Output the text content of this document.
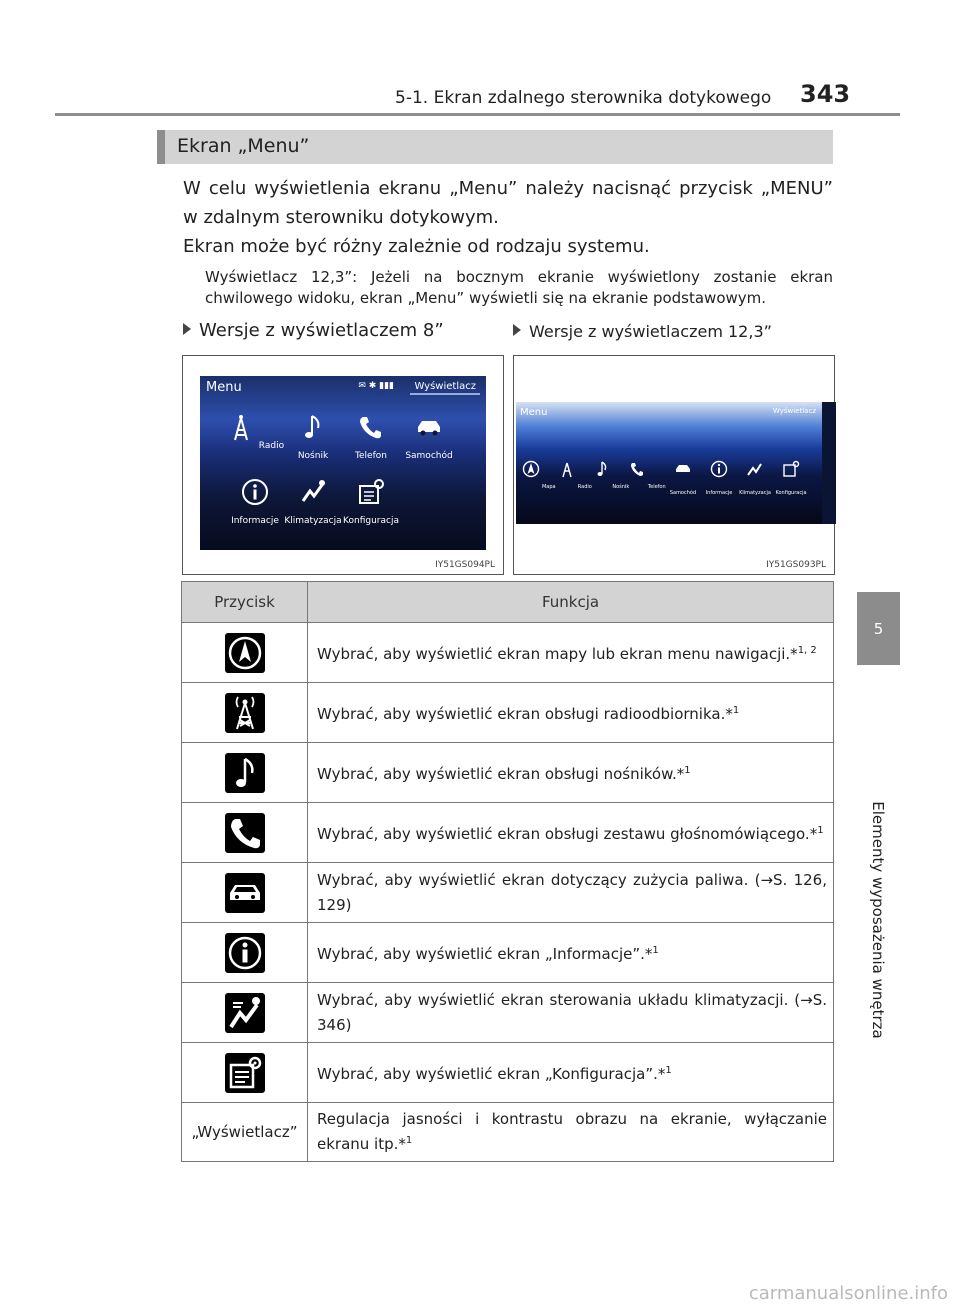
5-1. Ekran zdalnego sterownika dotykowego 343
5
Elementy wyposażenia wnętrza
Ekran „Menu”
W celu wyświetlenia ekranu „Menu” należy nacisnąć przycisk „MENU” w zdalnym sterowniku dotykowym.
Ekran może być różny zależnie od rodzaju systemu.
Wyświetlacz 12,3”: Jeżeli na bocznym ekranie wyświetlony zostanie ekran chwilowego widoku, ekran „Menu” wyświetli się na ekranie podstawowym.
Wersje z wyświetlaczem 8”	Wersje z wyświetlaczem 12,3”
Menu	✉ ✱ ▮▮▮	Wyświetlacz
Radio
Nośnik	Telefon	Samochód
Informacje Klimatyzacja Konfiguracja
IY51GS094PL
Menu	Wyświetlacz
Mapa	Radio	Nośnik	Telefon
Samochód	Informacje	Klimatyzacja Konfiguracja
IY51GS093PL
Przycisk	Funkcja

	Wybrać, aby wyświetlić ekran mapy lub ekran menu nawigacji.*$^{1, 2}$

	Wybrać, aby wyświetlić ekran obsługi radioodbiornika.*$^1$

	Wybrać, aby wyświetlić ekran obsługi nośników.*$^1$

	Wybrać, aby wyświetlić ekran obsługi zestawu głośnomówiącego.*$^1$

	Wybrać, aby wyświetlić ekran dotyczący zużycia paliwa. (→S. 126, 129)

	Wybrać, aby wyświetlić ekran „Informacje”.*$^1$

	Wybrać, aby wyświetlić ekran sterowania układu klimatyzacji. (→S. 346)

	Wybrać, aby wyświetlić ekran „Konfiguracja”.*$^1$
„Wyświetlacz”	Regulacja jasności i kontrastu obrazu na ekranie, wyłączanie ekranu itp.*$^1$
carmanualsonline.info
